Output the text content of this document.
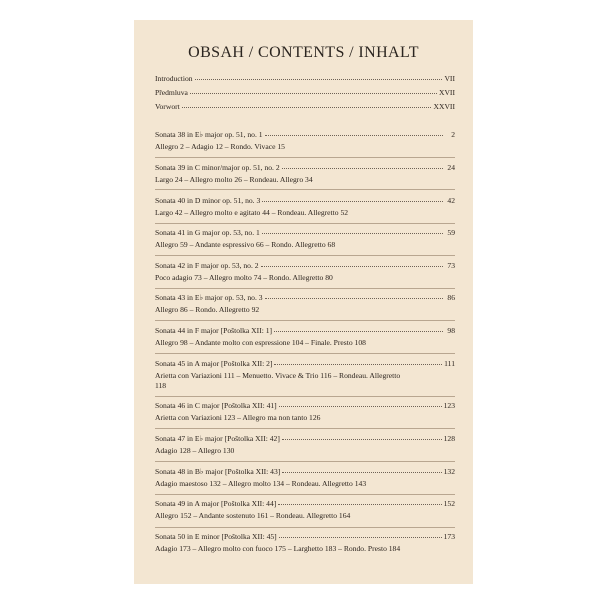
OBSAH / CONTENTS / INHALT
Introduction	VII
Předmluva	XVII
Vorwort	XXVII
Sonata 38 in E♭ major op. 51, no. 1	2
Allegro 2 – Adagio 12 – Rondo. Vivace 15
Sonata 39 in C minor/major op. 51, no. 2	24
Largo 24 – Allegro molto 26 – Rondeau. Allegro 34
Sonata 40 in D minor op. 51, no. 3	42
Largo 42 – Allegro molto e agitato 44 – Rondeau. Allegretto 52
Sonata 41 in G major op. 53, no. 1	59
Allegro 59 – Andante espressivo 66 – Rondo. Allegretto 68
Sonata 42 in F major op. 53, no. 2	73
Poco adagio 73 – Allegro molto 74 – Rondo. Allegretto 80
Sonata 43 in E♭ major op. 53, no. 3	86
Allegro 86 – Rondo. Allegretto 92
Sonata 44 in F major [Poštolka XII: 1]	98
Allegro 98 – Andante molto con espressione 104 – Finale. Presto 108
Sonata 45 in A major [Poštolka XII: 2]	111
Arietta con Variazioni 111 – Menuetto. Vivace & Trio 116 – Rondeau. Allegretto 118
Sonata 46 in C major [Poštolka XII: 41]	123
Arietta con Variazioni 123 – Allegro ma non tanto 126
Sonata 47 in E♭ major [Poštolka XII: 42]	128
Adagio 128 – Allegro 130
Sonata 48 in B♭ major [Poštolka XII: 43]	132
Adagio maestoso 132 – Allegro molto 134 – Rondeau. Allegretto 143
Sonata 49 in A major [Poštolka XII: 44]	152
Allegro 152 – Andante sostenuto 161 – Rondeau. Allegretto 164
Sonata 50 in E minor [Poštolka XII: 45]	173
Adagio 173 – Allegro molto con fuoco 175 – Larghetto 183 – Rondo. Presto 184
